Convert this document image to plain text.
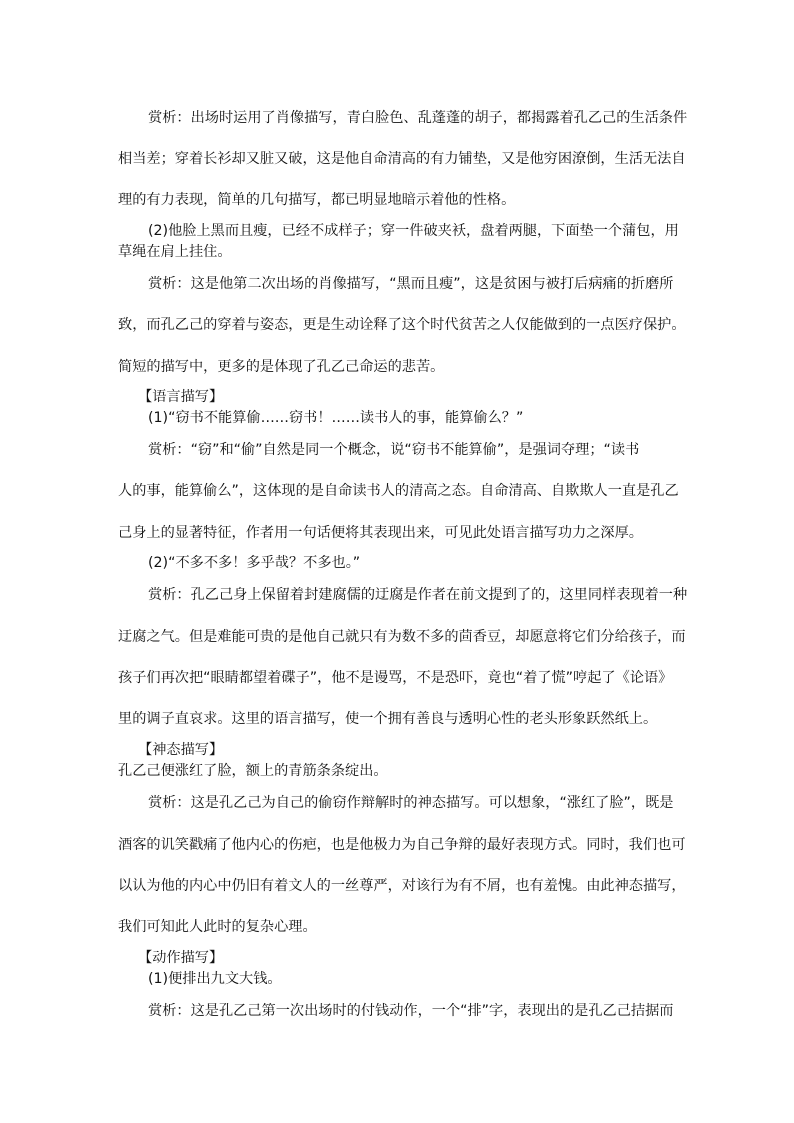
赏析：出场时运用了肖像描写，青白脸色、乱蓬蓬的胡子，都揭露着孔乙己的生活条件
相当差；穿着长衫却又脏又破，这是他自命清高的有力铺垫，又是他穷困潦倒，生活无法自
理的有力表现，简单的几句描写，都已明显地暗示着他的性格。
(2)他脸上黑而且瘦，已经不成样子；穿一件破夹袄，盘着两腿，下面垫一个蒲包，用
草绳在肩上挂住。
赏析：这是他第二次出场的肖像描写，“黑而且瘦”，这是贫困与被打后病痛的折磨所
致，而孔乙己的穿着与姿态，更是生动诠释了这个时代贫苦之人仅能做到的一点医疗保护。
简短的描写中，更多的是体现了孔乙己命运的悲苦。
【语言描写】
(1)“窃书不能算偷……窃书！……读书人的事，能算偷么？”
赏析：“窃”和“偷”自然是同一个概念，说“窃书不能算偷”，是强词夺理；“读书
人的事，能算偷么”，这体现的是自命读书人的清高之态。自命清高、自欺欺人一直是孔乙
己身上的显著特征，作者用一句话便将其表现出来，可见此处语言描写功力之深厚。
(2)“不多不多！多乎哉？不多也。”
赏析：孔乙己身上保留着封建腐儒的迂腐是作者在前文提到了的，这里同样表现着一种
迂腐之气。但是难能可贵的是他自己就只有为数不多的茴香豆，却愿意将它们分给孩子，而
孩子们再次把“眼睛都望着碟子”，他不是谩骂，不是恐吓，竟也“着了慌”哼起了《论语》
里的调子直哀求。这里的语言描写，使一个拥有善良与透明心性的老头形象跃然纸上。
【神态描写】
孔乙己便涨红了脸，额上的青筋条条绽出。
赏析：这是孔乙己为自己的偷窃作辩解时的神态描写。可以想象，“涨红了脸”，既是
酒客的讥笑戳痛了他内心的伤疤，也是他极力为自己争辩的最好表现方式。同时，我们也可
以认为他的内心中仍旧有着文人的一丝尊严，对该行为有不屑，也有羞愧。由此神态描写，
我们可知此人此时的复杂心理。
【动作描写】
(1)便排出九文大钱。
赏析：这是孔乙己第一次出场时的付钱动作，一个“排”字，表现出的是孔乙己拮据而
